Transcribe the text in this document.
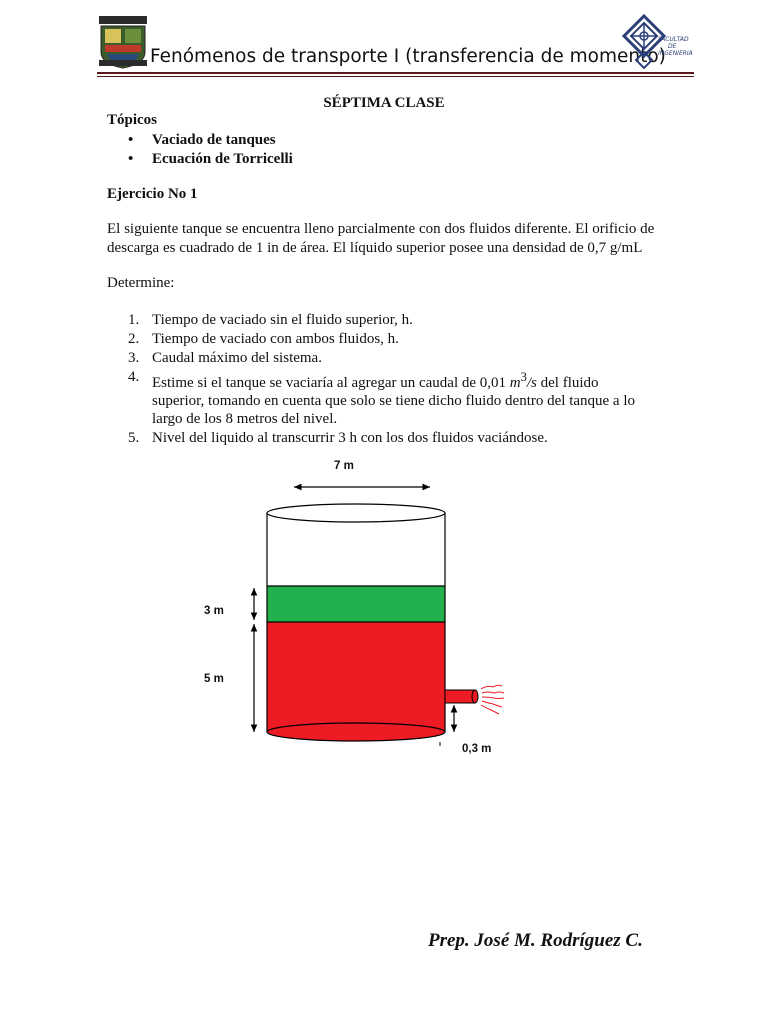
Fenómenos de transporte I (transferencia de momento)
FACULTAD
DE
INGENIERIA
SÉPTIMA CLASE
Tópicos
• Vaciado de tanques
• Ecuación de Torricelli
Ejercicio No 1
El siguiente tanque se encuentra lleno parcialmente con dos fluidos diferente. El orificio de descarga es cuadrado de 1 in de área. El líquido superior posee una densidad de 0,7 g/mL
Determine:
1. Tiempo de vaciado sin el fluido superior, h.
2. Tiempo de vaciado con ambos fluidos, h.
3. Caudal máximo del sistema.
4. Estime si el tanque se vaciaría al agregar un caudal de 0,01 $m^3/s$ del fluido superior, tomando en cuenta que solo se tiene dicho fluido dentro del tanque a lo largo de los 8 metros del nivel.
5. Nivel del liquido al transcurrir 3 h con los dos fluidos vaciándose.
7 m
3 m
5 m
0,3 m
Prep. José M. Rodríguez C.
